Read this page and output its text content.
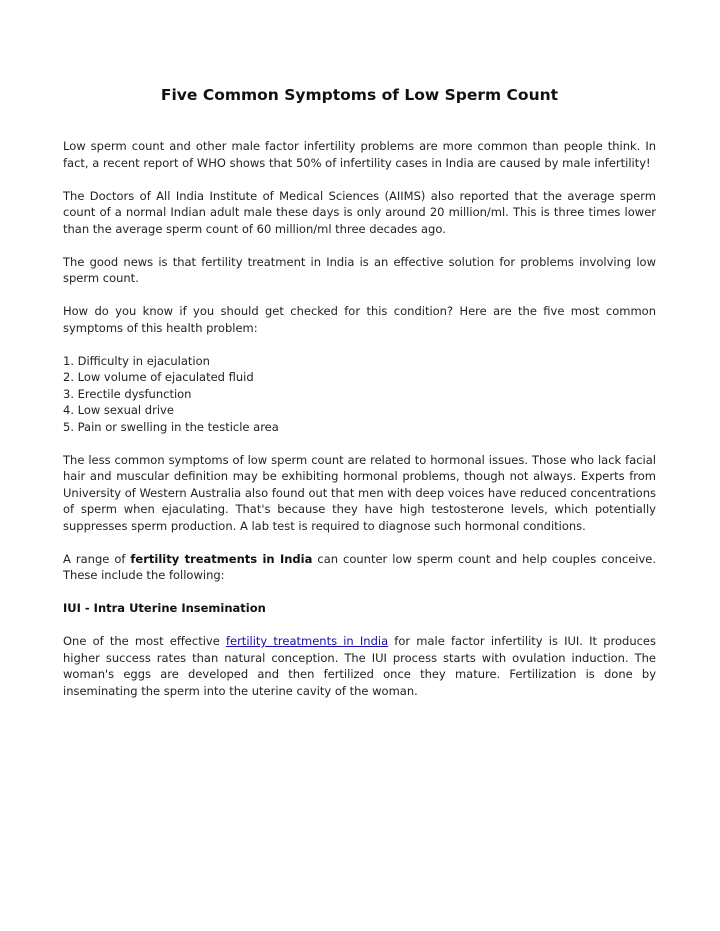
Five Common Symptoms of Low Sperm Count

Low sperm count and other male factor infertility problems are more common than people think. In fact, a recent report of WHO shows that 50% of infertility cases in India are caused by male infertility!

The Doctors of All India Institute of Medical Sciences (AIIMS) also reported that the average sperm count of a normal Indian adult male these days is only around 20 million/ml. This is three times lower than the average sperm count of 60 million/ml three decades ago.

The good news is that fertility treatment in India is an effective solution for problems involving low sperm count.

How do you know if you should get checked for this condition? Here are the five most common symptoms of this health problem:

1. Difficulty in ejaculation
2. Low volume of ejaculated fluid
3. Erectile dysfunction
4. Low sexual drive
5. Pain or swelling in the testicle area

The less common symptoms of low sperm count are related to hormonal issues. Those who lack facial hair and muscular definition may be exhibiting hormonal problems, though not always. Experts from University of Western Australia also found out that men with deep voices have reduced concentrations of sperm when ejaculating. That's because they have high testosterone levels, which potentially suppresses sperm production. A lab test is required to diagnose such hormonal conditions.

A range of fertility treatments in India can counter low sperm count and help couples conceive. These include the following:

IUI - Intra Uterine Insemination

One of the most effective fertility treatments in India for male factor infertility is IUI. It produces higher success rates than natural conception. The IUI process starts with ovulation induction. The woman's eggs are developed and then fertilized once they mature. Fertilization is done by inseminating the sperm into the uterine cavity of the woman.
